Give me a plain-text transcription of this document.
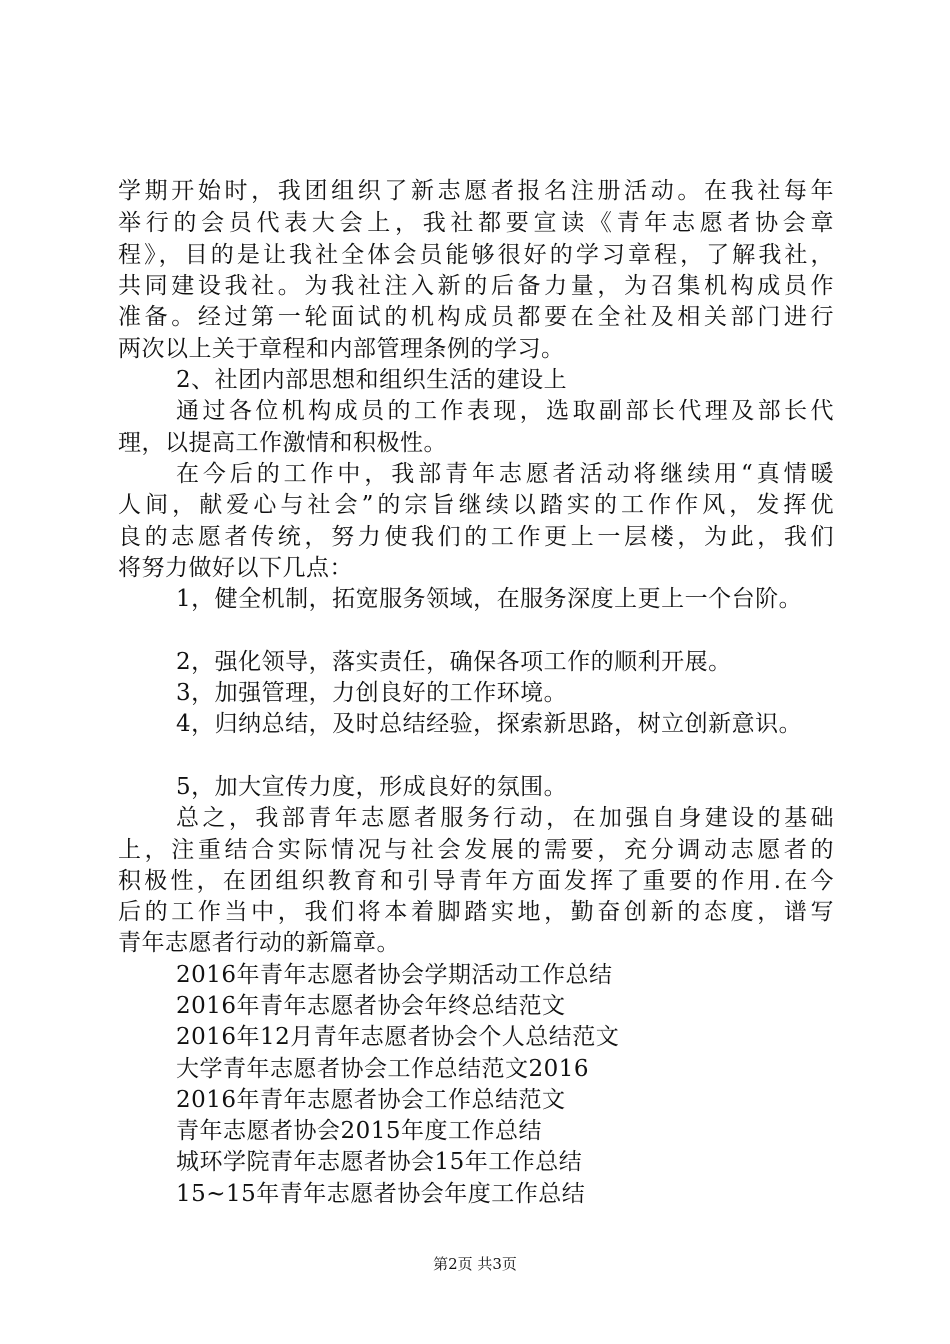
学期开始时，我团组织了新志愿者报名注册活动。在我社每年
举行的会员代表大会上，我社都要宣读《青年志愿者协会章
程》，目的是让我社全体会员能够很好的学习章程，了解我社，
共同建设我社。为我社注入新的后备力量，为召集机构成员作
准备。经过第一轮面试的机构成员都要在全社及相关部门进行
两次以上关于章程和内部管理条例的学习。
2、社团内部思想和组织生活的建设上
通过各位机构成员的工作表现，选取副部长代理及部长代
理，以提高工作激情和积极性。
在今后的工作中，我部青年志愿者活动将继续用“真情暖
人间，献爱心与社会”的宗旨继续以踏实的工作作风，发挥优
良的志愿者传统，努力使我们的工作更上一层楼，为此，我们
将努力做好以下几点：
1，健全机制，拓宽服务领域，在服务深度上更上一个台阶。
2，强化领导，落实责任，确保各项工作的顺利开展。
3，加强管理，力创良好的工作环境。
4，归纳总结，及时总结经验，探索新思路，树立创新意识。
5，加大宣传力度，形成良好的氛围。
总之，我部青年志愿者服务行动，在加强自身建设的基础
上，注重结合实际情况与社会发展的需要，充分调动志愿者的
积极性，在团组织教育和引导青年方面发挥了重要的作用.在今
后的工作当中，我们将本着脚踏实地，勤奋创新的态度，谱写
青年志愿者行动的新篇章。
2016年青年志愿者协会学期活动工作总结
2016年青年志愿者协会年终总结范文
2016年12月青年志愿者协会个人总结范文
大学青年志愿者协会工作总结范文2016
2016年青年志愿者协会工作总结范文
青年志愿者协会2015年度工作总结
城环学院青年志愿者协会15年工作总结
15~15年青年志愿者协会年度工作总结
第2页 共3页
